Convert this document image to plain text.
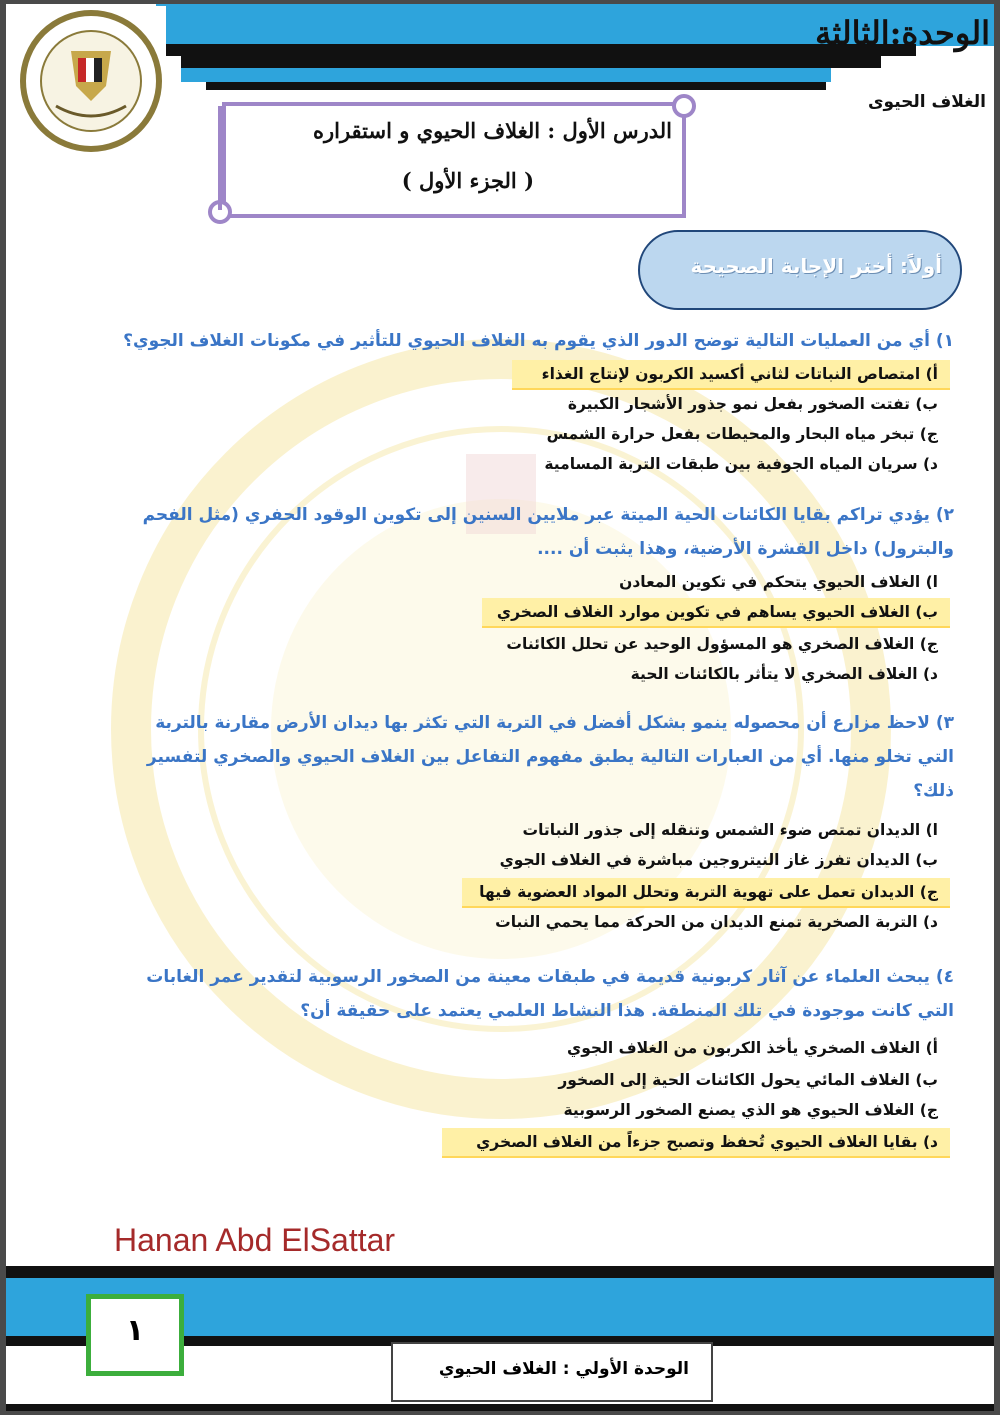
الوحدة:الثالثة
الغلاف الحيوى
الدرس الأول : الغلاف الحيوي و استقراره
( الجزء الأول )
أولاً: أختر الإجابة الصحيحة
١) أي من العمليات التالية توضح الدور الذي يقوم به الغلاف الحيوي للتأثير في مكونات الغلاف الجوي؟
أ) امتصاص النباتات لثاني أكسيد الكربون لإنتاج الغذاء
ب) تفتت الصخور بفعل نمو جذور الأشجار الكبيرة
ج) تبخر مياه البحار والمحيطات بفعل حرارة الشمس
د) سريان المياه الجوفية بين طبقات التربة المسامية
٢) يؤدي تراكم بقايا الكائنات الحية الميتة عبر ملايين السنين إلى تكوين الوقود الحفري (مثل الفحم والبترول) داخل القشرة الأرضية، وهذا يثبت أن ....
ا) الغلاف الحيوي يتحكم في تكوين المعادن
ب) الغلاف الحيوي يساهم في تكوين موارد الغلاف الصخري
ج) الغلاف الصخري هو المسؤول الوحيد عن تحلل الكائنات
د) الغلاف الصخري لا يتأثر بالكائنات الحية
٣) لاحظ مزارع أن محصوله ينمو بشكل أفضل في التربة التي تكثر بها ديدان الأرض مقارنة بالتربة التي تخلو منها. أي من العبارات التالية يطبق مفهوم التفاعل بين الغلاف الحيوي والصخري لتفسير ذلك؟
ا) الديدان تمتص ضوء الشمس وتنقله إلى جذور النباتات
ب) الديدان تفرز غاز النيتروجين مباشرة في الغلاف الجوي
ج) الديدان تعمل على تهوية التربة وتحلل المواد العضوية فيها
د) التربة الصخرية تمنع الديدان من الحركة مما يحمي النبات
٤) يبحث العلماء عن آثار كربونية قديمة في طبقات معينة من الصخور الرسوبية لتقدير عمر الغابات التي كانت موجودة في تلك المنطقة. هذا النشاط العلمي يعتمد على حقيقة أن؟
أ) الغلاف الصخري يأخذ الكربون من الغلاف الجوي
ب) الغلاف المائي يحول الكائنات الحية إلى الصخور
ج) الغلاف الحيوي هو الذي يصنع الصخور الرسوبية
د) بقايا الغلاف الحيوي تُحفظ وتصبح جزءاً من الغلاف الصخري
Hanan Abd ElSattar
١
الوحدة الأولي : الغلاف الحيوي
